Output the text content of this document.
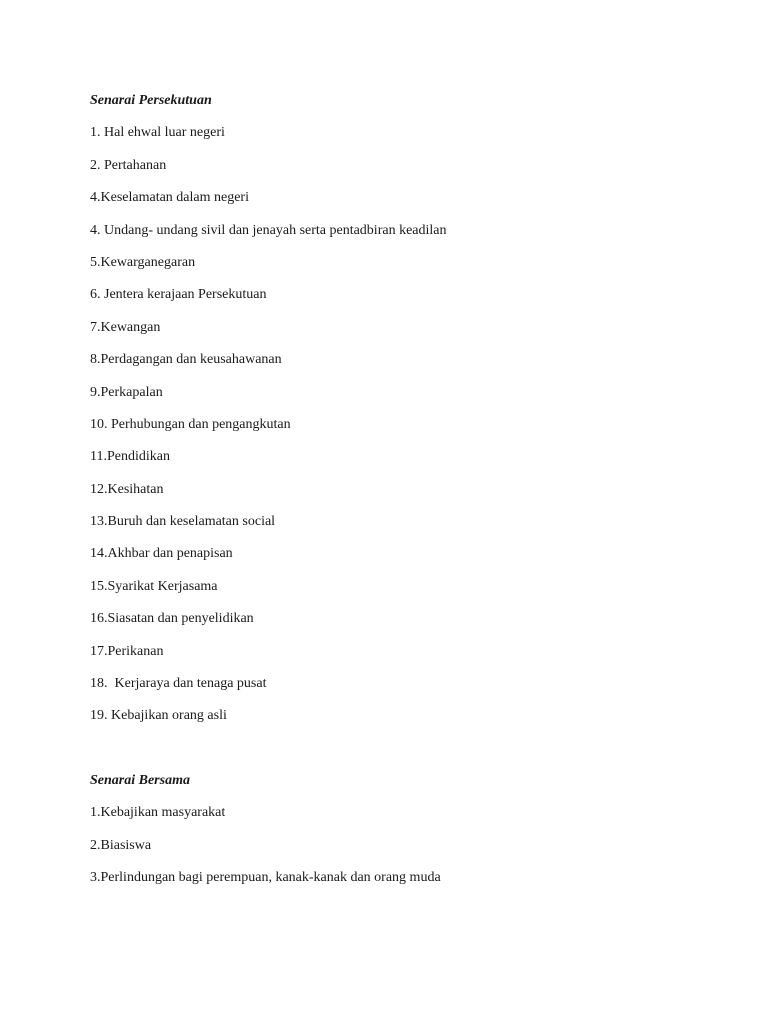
Senarai Persekutuan
1. Hal ehwal luar negeri
2. Pertahanan
4.Keselamatan dalam negeri
4. Undang- undang sivil dan jenayah serta pentadbiran keadilan
5.Kewarganegaran
6. Jentera kerajaan Persekutuan
7.Kewangan
8.Perdagangan dan keusahawanan
9.Perkapalan
10. Perhubungan dan pengangkutan
11.Pendidikan
12.Kesihatan
13.Buruh dan keselamatan social
14.Akhbar dan penapisan
15.Syarikat Kerjasama
16.Siasatan dan penyelidikan
17.Perikanan
18.  Kerjaraya dan tenaga pusat
19. Kebajikan orang asli
Senarai Bersama
1.Kebajikan masyarakat
2.Biasiswa
3.Perlindungan bagi perempuan, kanak-kanak dan orang muda
